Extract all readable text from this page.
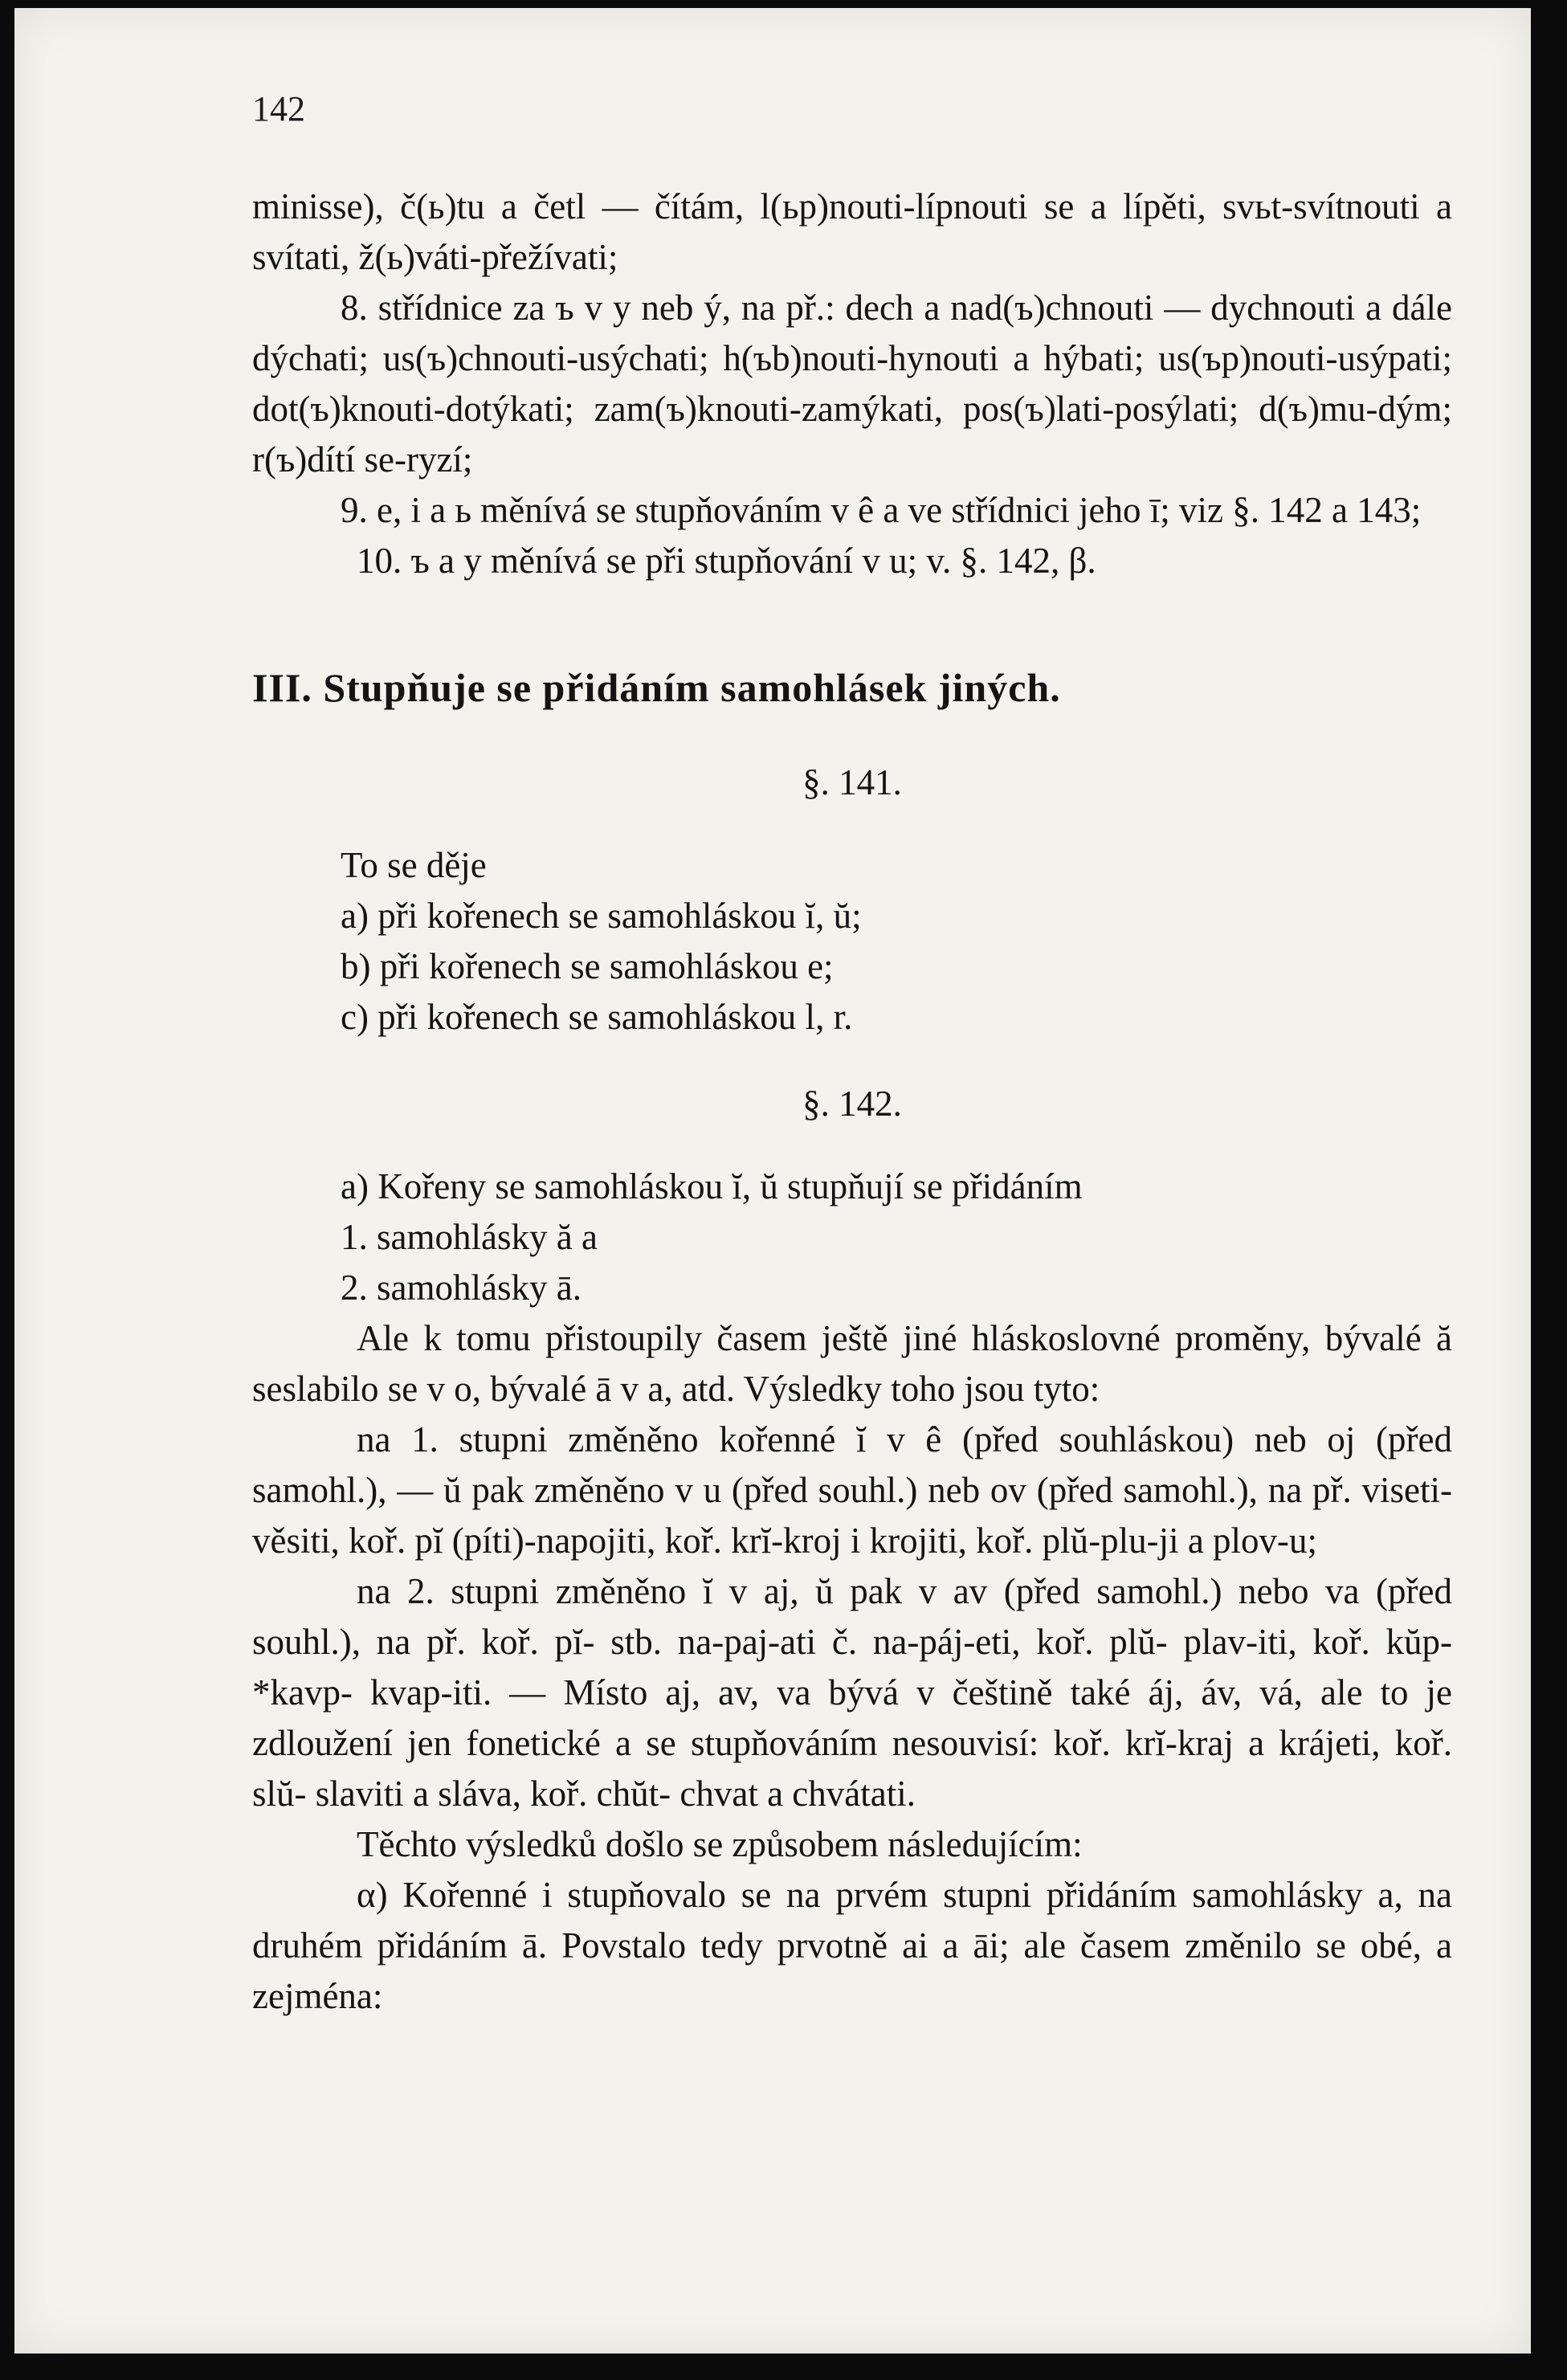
142

minisse), č(ь)tu a četl — čítám, l(ьp)nouti-lípnouti se a lípěti, svьt-svítnouti a svítati, ž(ь)váti-přežívati;

8. střídnice za ъ v y neb ý, na př.: dech a nad(ъ)chnouti — dychnouti a dále dýchati; us(ъ)chnouti-usýchati; h(ъb)nouti-hynouti a hýbati; us(ъp)nouti-usýpati; dot(ъ)knouti-dotýkati; zam(ъ)knouti-zamýkati, pos(ъ)lati-posýlati; d(ъ)mu-dým; r(ъ)dítí se-ryzí;

9. e, i a ь měnívá se stupňováním v ê a ve střídnici jeho ī; viz §. 142 a 143;

10. ъ a y měnívá se při stupňování v u; v. §. 142, β.

III. Stupňuje se přidáním samohlásek jiných.

§. 141.

To se děje

a) při kořenech se samohláskou ĭ, ŭ;

b) při kořenech se samohláskou e;

c) při kořenech se samohláskou l, r.

§. 142.

a) Kořeny se samohláskou ĭ, ŭ stupňují se přidáním

1. samohlásky ă a

2. samohlásky ā.

Ale k tomu přistoupily časem ještě jiné hláskoslovné proměny, bývalé ă seslabilo se v o, bývalé ā v a, atd. Výsledky toho jsou tyto:

na 1. stupni změněno kořenné ĭ v ê (před souhláskou) neb oj (před samohl.), — ŭ pak změněno v u (před souhl.) neb ov (před samohl.), na př. viseti-věsiti, koř. pĭ (píti)-napojiti, koř. krĭ-kroj i krojiti, koř. plŭ-plu-ji a plov-u;

na 2. stupni změněno ĭ v aj, ŭ pak v av (před samohl.) nebo va (před souhl.), na př. koř. pĭ- stb. na-paj-ati č. na-páj-eti, koř. plŭ- plav-iti, koř. kŭp- *kavp- kvap-iti. — Místo aj, av, va bývá v češtině také áj, áv, vá, ale to je zdloužení jen fonetické a se stupňováním nesouvisí: koř. krĭ-kraj a krájeti, koř. slŭ- slaviti a sláva, koř. chŭt- chvat a chvátati.

Těchto výsledků došlo se způsobem následujícím:

α) Kořenné i stupňovalo se na prvém stupni přidáním samohlásky a, na druhém přidáním ā. Povstalo tedy prvotně ai a āi; ale časem změnilo se obé, a zejména:
